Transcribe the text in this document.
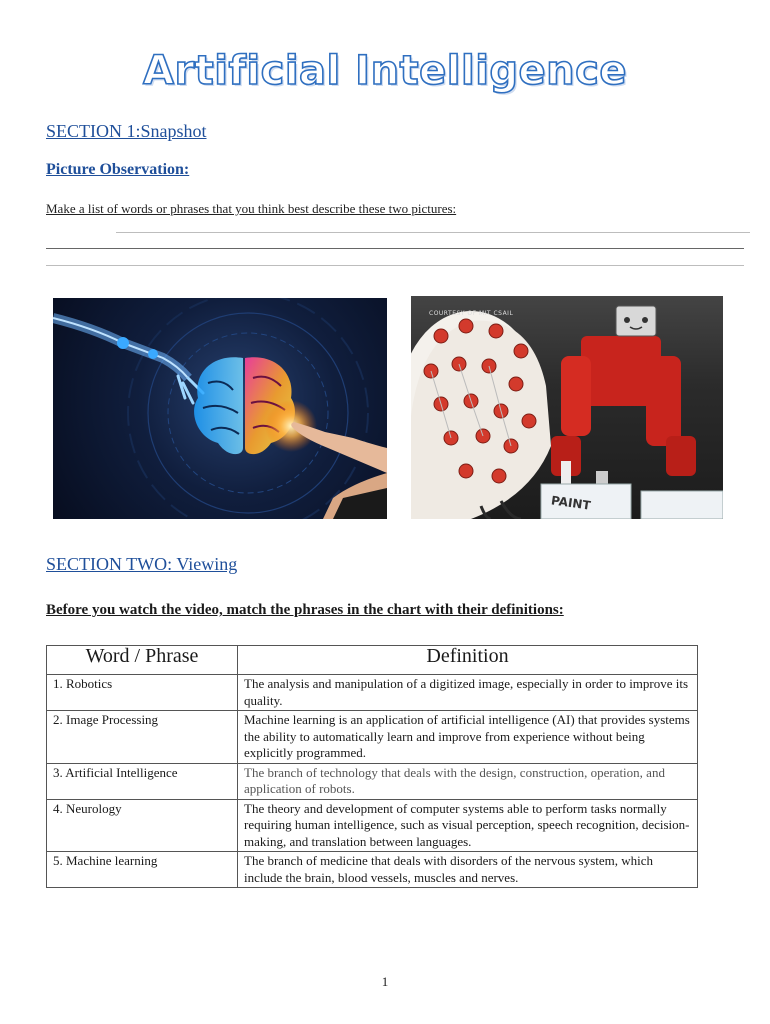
Artificial Intelligence
SECTION 1:Snapshot
Picture Observation:
Make a list of words or phrases that you think best describe these two pictures:
COURTESY OF MIT CSAIL
PAINT
SECTION TWO: Viewing
Before you watch the video, match the phrases in the chart with their definitions:
Word / Phrase	Definition
1. Robotics	The analysis and manipulation of a digitized image, especially in order to improve its quality.
2. Image Processing	Machine learning is an application of artificial intelligence (AI) that provides systems the ability to automatically learn and improve from experience without being explicitly programmed.
3. Artificial Intelligence	The branch of technology that deals with the design, construction, operation, and application of robots.
4. Neurology	The theory and development of computer systems able to perform tasks normally requiring human intelligence, such as visual perception, speech recognition, decision-making, and translation between languages.
5. Machine learning	The branch of medicine that deals with disorders of the nervous system, which include the brain, blood vessels, muscles and nerves.
1
